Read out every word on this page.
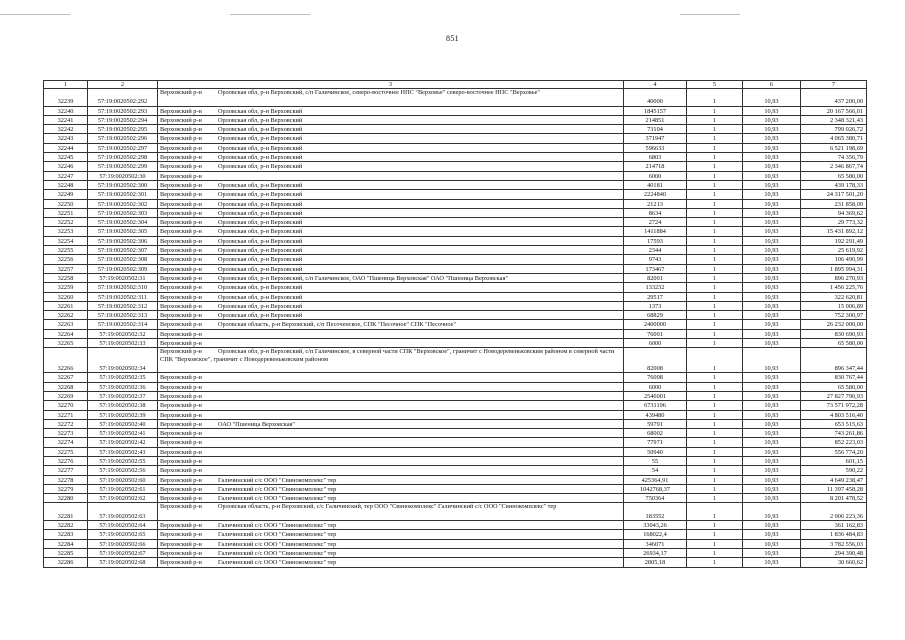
851
1	2	3	4	5	6	7
32239	57:19:0020502:292	Верховский р-н Орловская обл, р-н Верховский, с/п Галичинское, северо-восточнее НПС "Верховье" северо-восточнее НПС "Верховье"	40000	1	10,93	437 200,00
32240	57:19:0020502:293	Верховский р-н Орловская обл, р-н Верховский	1845157	1	10,93	20 167 566,01
32241	57:19:0020502:294	Верховский р-н Орловская обл, р-н Верховский	214851	1	10,93	2 348 321,43
32242	57:19:0020502:295	Верховский р-н Орловская обл, р-н Верховский	73104	1	10,93	799 026,72
32243	57:19:0020502:296	Верховский р-н Орловская обл, р-н Верховский	371947	1	10,93	4 065 380,71
32244	57:19:0020502:297	Верховский р-н Орловская обл, р-н Верховский	596633	1	10,93	6 521 198,69
32245	57:19:0020502:298	Верховский р-н Орловская обл, р-н Верховский	6803	1	10,93	74 356,79
32246	57:19:0020502:299	Верховский р-н Орловская обл, р-н Верховский	214718	1	10,93	2 346 867,74
32247	57:19:0020502:30	Верховский р-н	6000	1	10,93	65 580,00
32248	57:19:0020502:300	Верховский р-н Орловская обл, р-н Верховский	40181	1	10,93	439 178,33
32249	57:19:0020502:301	Верховский р-н Орловская обл, р-н Верховский	2224840	1	10,93	24 317 501,20
32250	57:19:0020502:302	Верховский р-н Орловская обл, р-н Верховский	21213	1	10,93	231 858,09
32251	57:19:0020502:303	Верховский р-н Орловская обл, р-н Верховский	8634	1	10,93	94 369,62
32252	57:19:0020502:304	Верховский р-н Орловская обл, р-н Верховский	2724	1	10,93	29 773,32
32253	57:19:0020502:305	Верховский р-н Орловская обл, р-н Верховский	1411884	1	10,93	15 431 892,12
32254	57:19:0020502:306	Верховский р-н Орловская обл, р-н Верховский	17593	1	10,93	192 291,49
32255	57:19:0020502:307	Верховский р-н Орловская обл, р-н Верховский	2344	1	10,93	25 619,92
32256	57:19:0020502:308	Верховский р-н Орловская обл, р-н Верховский	9743	1	10,93	106 490,99
32257	57:19:0020502:309	Верховский р-н Орловская обл, р-н Верховский	173467	1	10,93	1 895 994,31
32258	57:19:0020502:31	Верховский р-н Орловская обл, р-н Верховский, с/п Галичинское, ОАО "Пшеница Верховская" ОАО "Пшеница Верховская"	82001	1	10,93	896 270,93
32259	57:19:0020502:310	Верховский р-н Орловская обл, р-н Верховский	133232	1	10,93	1 456 225,76
32260	57:19:0020502:311	Верховский р-н Орловская обл, р-н Верховский	29517	1	10,93	322 620,81
32261	57:19:0020502:312	Верховский р-н Орловская обл, р-н Верховский	1373	1	10,93	15 006,89
32262	57:19:0020502:313	Верховский р-н Орловская обл, р-н Верховский	68829	1	10,93	752 300,97
32263	57:19:0020502:314	Верховский р-н Орловская область, р-н Верховский, с/п Песоченское, СПК "Песочное" СПК "Песочное"	2400000	1	10,93	26 232 000,00
32264	57:19:0020502:32	Верховский р-н	76001	1	10,93	830 690,93
32265	57:19:0020502:33	Верховский р-н	6000	1	10,93	65 580,00
32266	57:19:0020502:34	Верховский р-н Орловская обл, р-н Верховский, с/п Галичинское, в северной части СПК "Верховское", граничит с Новодеревеньковским районом в северной части СПК "Верховское", граничит с Новодеревеньковским районом	82008	1	10,93	896 347,44
32267	57:19:0020502:35	Верховский р-н	76008	1	10,93	830 767,44
32268	57:19:0020502:36	Верховский р-н	6000	1	10,93	65 580,00
32269	57:19:0020502:37	Верховский р-н	2546001	1	10,93	27 827 790,93
32270	57:19:0020502:38	Верховский р-н	6731196	1	10,93	73 571 972,28
32271	57:19:0020502:39	Верховский р-н	439480	1	10,93	4 803 516,40
32272	57:19:0020502:40	Верховский р-н ОАО "Пшеница Верховская"	59791	1	10,93	653 515,63
32273	57:19:0020502:41	Верховский р-н	68002	1	10,93	743 261,86
32274	57:19:0020502:42	Верховский р-н	77971	1	10,93	852 223,03
32275	57:19:0020502:43	Верховский р-н	50940	1	10,93	556 774,20
32276	57:19:0020502:55	Верховский р-н	55	1	10,93	601,15
32277	57:19:0020502:56	Верховский р-н	54	1	10,93	590,22
32278	57:19:0020502:60	Верховский р-н Галичинский с/с ООО "Свинокомплекс" тер	425364,91	1	10,93	4 649 238,47
32279	57:19:0020502:61	Верховский р-н Галичинский с/с ООО "Свинокомплекс" тер	1042768,37	1	10,93	11 397 458,28
32280	57:19:0020502:62	Верховский р-н Галичинский с/с ООО "Свинокомплекс" тер	750364	1	10,93	8 201 478,52
32281	57:19:0020502:63	Верховский р-н Орловская область, р-н Верховский, с/с Галичинский, тер ООО "Свинокомплекс" Галичинский с/с ООО "Свинокомплекс" тер	183552	1	10,93	2 006 223,36
32282	57:19:0020502:64	Верховский р-н Галичинский с/с ООО "Свинокомплекс" тер	33043,26	1	10,93	361 162,83
32283	57:19:0020502:65	Верховский р-н Галичинский с/с ООО "Свинокомплекс" тер	168022,4	1	10,93	1 836 484,83
32284	57:19:0020502:66	Верховский р-н Галичинский с/с ООО "Свинокомплекс" тер	346071	1	10,93	3 782 556,03
32285	57:19:0020502:67	Верховский р-н Галичинский с/с ООО "Свинокомплекс" тер	26934,17	1	10,93	294 390,48
32286	57:19:0020502:68	Верховский р-н Галичинский с/с ООО "Свинокомплекс" тер	2805,18	1	10,93	30 660,62
